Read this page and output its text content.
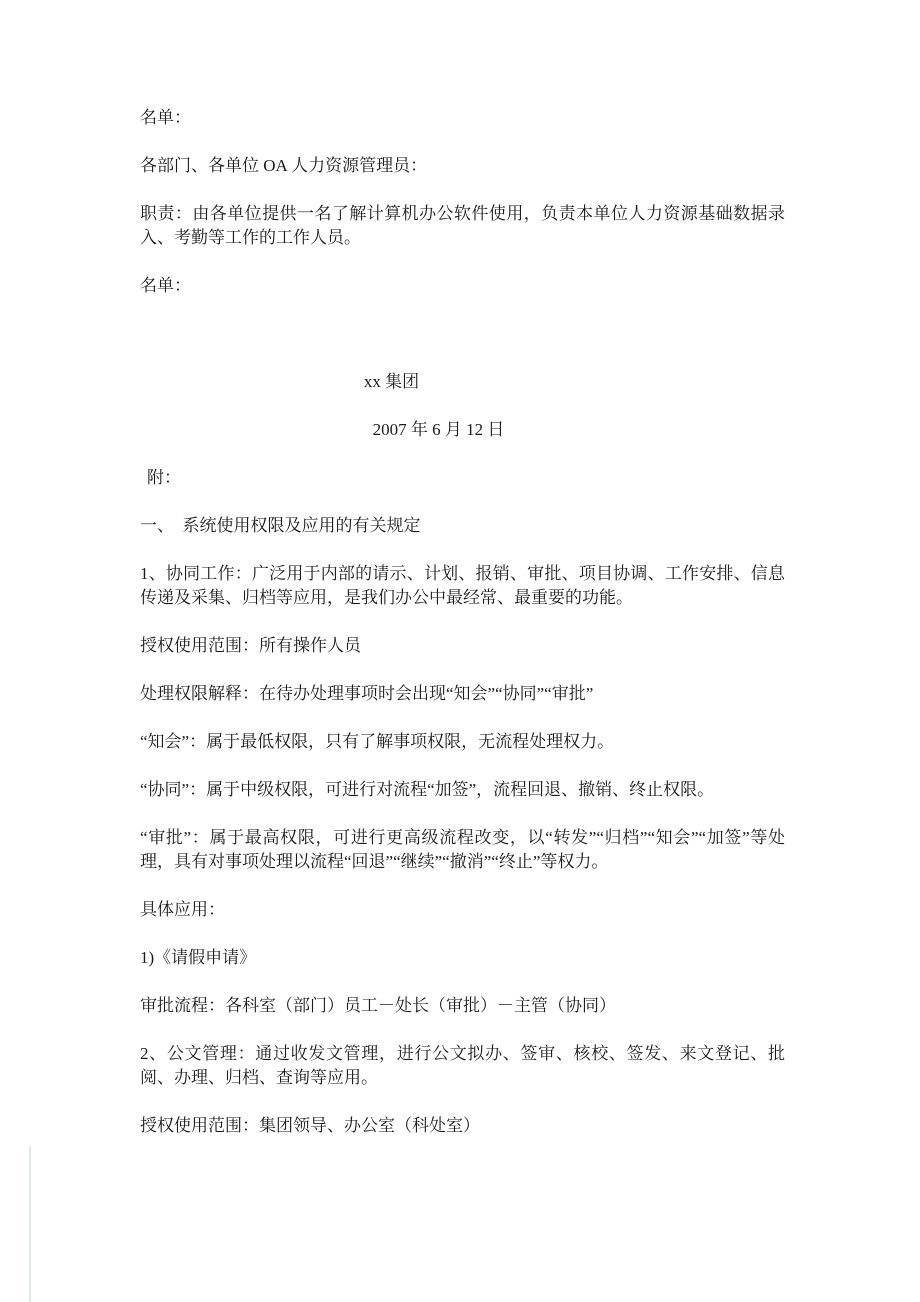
名单：

各部门、各单位 OA 人力资源管理员：

职责：由各单位提供一名了解计算机办公软件使用，负责本单位人力资源基础数据录入、考勤等工作的工作人员。

名单：

xx 集团

2007 年 6 月 12 日

附：

一、　系统使用权限及应用的有关规定

1、协同工作：广泛用于内部的请示、计划、报销、审批、项目协调、工作安排、信息传递及采集、归档等应用，是我们办公中最经常、最重要的功能。

授权使用范围：所有操作人员

处理权限解释：在待办处理事项时会出现“知会”“协同”“审批”

“知会”：属于最低权限，只有了解事项权限，无流程处理权力。

“协同”：属于中级权限，可进行对流程“加签”，流程回退、撤销、终止权限。

“审批”：属于最高权限，可进行更高级流程改变，以“转发”“归档”“知会”“加签”等处理，具有对事项处理以流程“回退”“继续”“撤消”“终止”等权力。

具体应用：

1)《请假申请》

审批流程：各科室（部门）员工－处长（审批）－主管（协同）

2、公文管理：通过收发文管理，进行公文拟办、签审、核校、签发、来文登记、批阅、办理、归档、查询等应用。

授权使用范围：集团领导、办公室（科处室）
